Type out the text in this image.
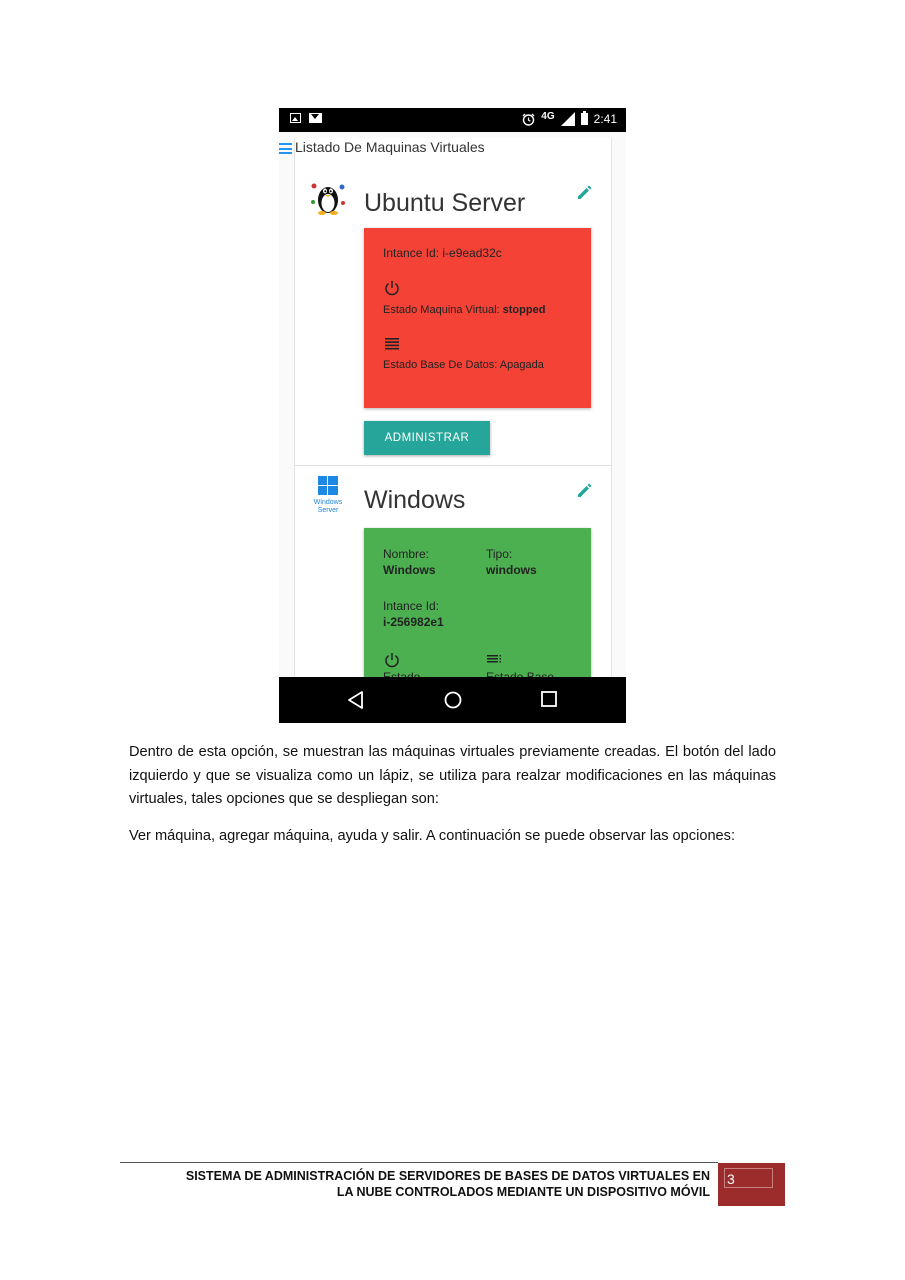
4G	2:41
Ubuntu Server
Intance Id: i-e9ead32c
Estado Maquina Virtual: stopped
Estado Base De Datos: Apagada
ADMINISTRAR
Windows
Server Windows
Nombre:
Windows
Tipo:
windows
Intance Id:
i-256982e1
Listado De Maquinas Virtuales

Dentro de esta opción, se muestran las máquinas virtuales previamente creadas. El botón del lado izquierdo y que se visualiza como un lápiz, se utiliza para realzar modificaciones en las máquinas virtuales, tales opciones que se despliegan son:

Ver máquina, agregar máquina, ayuda y salir. A continuación se puede observar las opciones:

SISTEMA DE ADMINISTRACIÓN DE SERVIDORES DE BASES DE DATOS VIRTUALES EN
LA NUBE CONTROLADOS MEDIANTE UN DISPOSITIVO MÓVIL
3
